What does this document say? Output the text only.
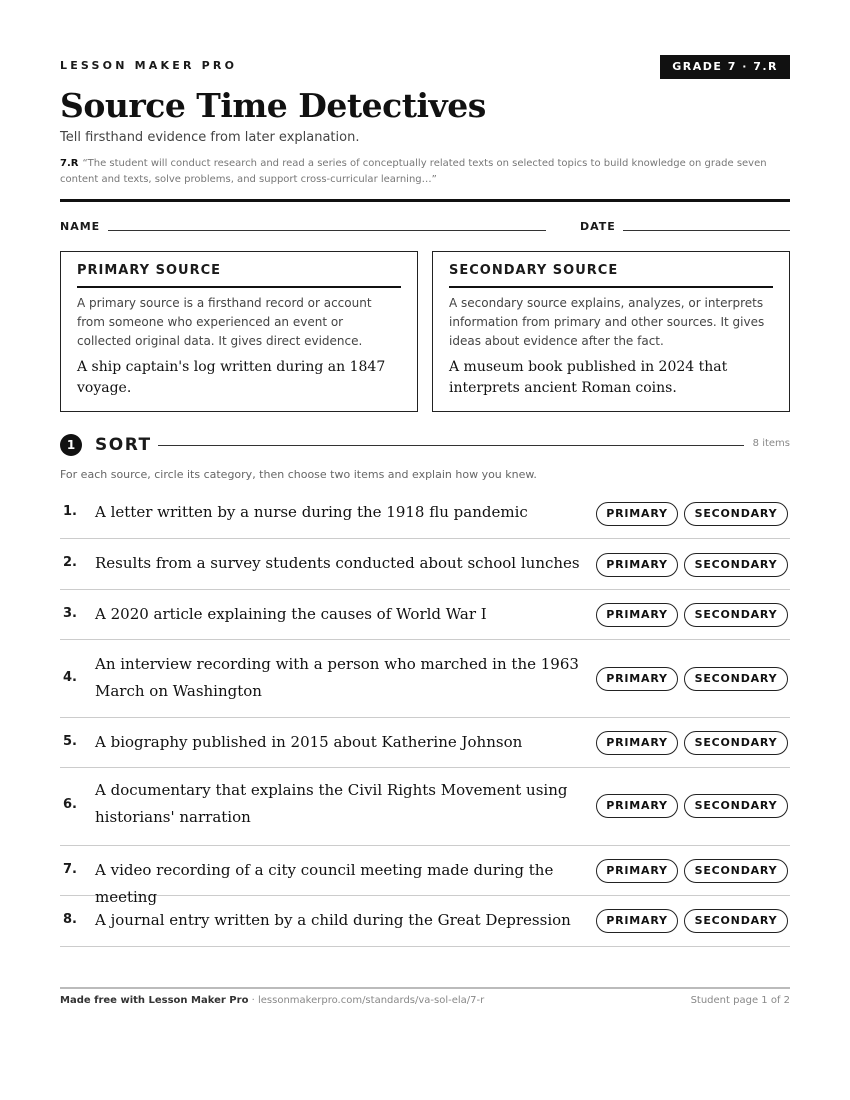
LESSON MAKER PRO	GRADE 7 · 7.R
Source Time Detectives
Tell firsthand evidence from later explanation.
7.R “The student will conduct research and read a series of conceptually related texts on selected topics to build knowledge on grade seven content and texts, solve problems, and support cross-curricular learning…”
NAME	DATE
PRIMARY SOURCE
A primary source is a firsthand record or account from someone who experienced an event or collected original data. It gives direct evidence.
A ship captain's log written during an 1847 voyage.
SECONDARY SOURCE
A secondary source explains, analyzes, or interprets information from primary and other sources. It gives ideas about evidence after the fact.
A museum book published in 2024 that interprets ancient Roman coins.
1	SORT	8 items
For each source, circle its category, then choose two items and explain how you knew.
1. A letter written by a nurse during the 1918 flu pandemic	PRIMARY	SECONDARY
2. Results from a survey students conducted about school lunches	PRIMARY	SECONDARY
3. A 2020 article explaining the causes of World War I	PRIMARY	SECONDARY
4.
An interview recording with a person who marched in the 1963 March on Washington
PRIMARY	SECONDARY
5. A biography published in 2015 about Katherine Johnson	PRIMARY	SECONDARY
6.
A documentary that explains the Civil Rights Movement using historians' narration
PRIMARY	SECONDARY
7. A video recording of a city council meeting made during the meeting
PRIMARY	SECONDARY
8. A journal entry written by a child during the Great Depression	PRIMARY	SECONDARY
Made free with Lesson Maker Pro · lessonmakerpro.com/standards/va-sol-ela/7-r	Student page 1 of 2
